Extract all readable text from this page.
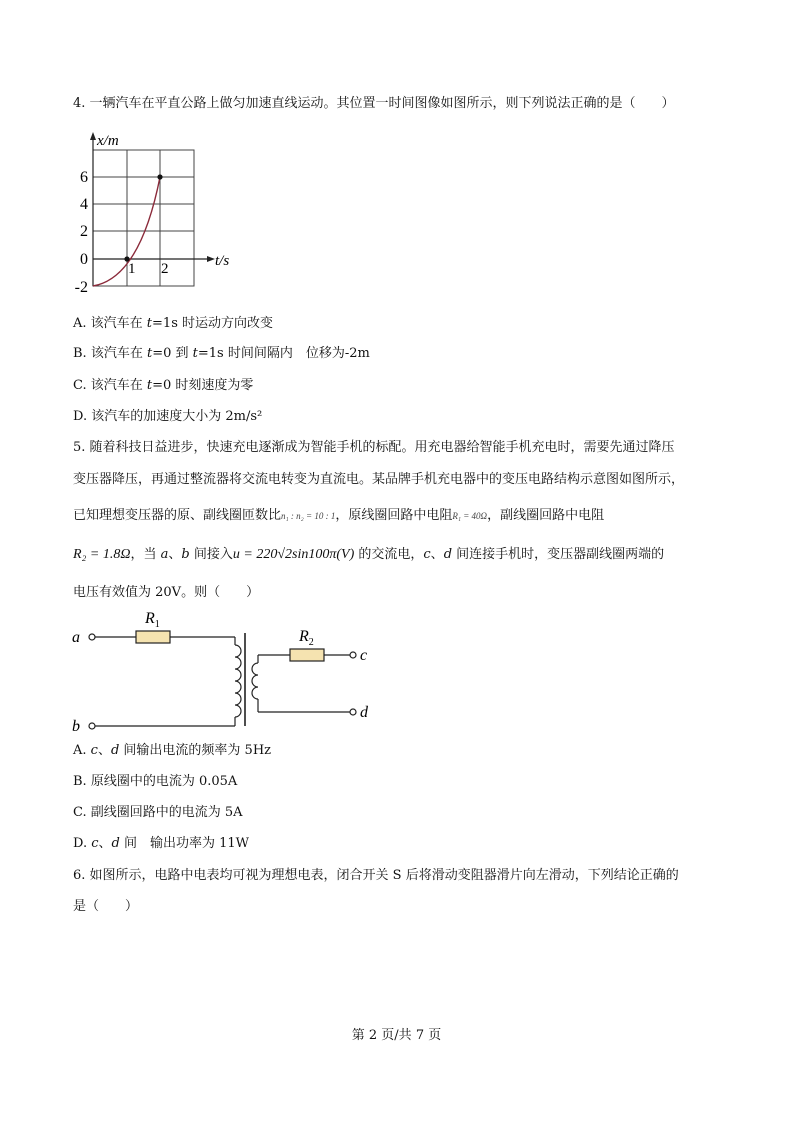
4. 一辆汽车在平直公路上做匀加速直线运动。其位置一时间图像如图所示，则下列说法正确的是（　　）
x/m
t/s
6
4
2
0
-2
1 2
A. 该汽车在 t=1s 时运动方向改变
B. 该汽车在 t=0 到 t=1s 时间间隔内　位移为-2m
C. 该汽车在 t=0 时刻速度为零
D. 该汽车的加速度大小为 2m/s²
5. 随着科技日益进步，快速充电逐渐成为智能手机的标配。用充电器给智能手机充电时，需要先通过降压
变压器降压，再通过整流器将交流电转变为直流电。某品牌手机充电器中的变压电路结构示意图如图所示，
已知理想变压器的原、副线圈匝数比n₁ : n₂ = 10 : 1，原线圈回路中电阻R₁ = 40Ω，副线圈回路中电阻
R₂ = 1.8Ω，当 a、b 间接入u = 220√2sin100π(V) 的交流电，c、d 间连接手机时，变压器副线圈两端的
电压有效值为 20V。则（　　）
a
b
c
d
$R_1$
$R_2$
A. c、d 间输出电流的频率为 5Hz
B. 原线圈中的电流为 0.05A
C. 副线圈回路中的电流为 5A
D. c、d 间　输出功率为 11W
6. 如图所示，电路中电表均可视为理想电表，闭合开关 S 后将滑动变阻器滑片向左滑动，下列结论正确的
是（　　）
第 2 页/共 7 页
